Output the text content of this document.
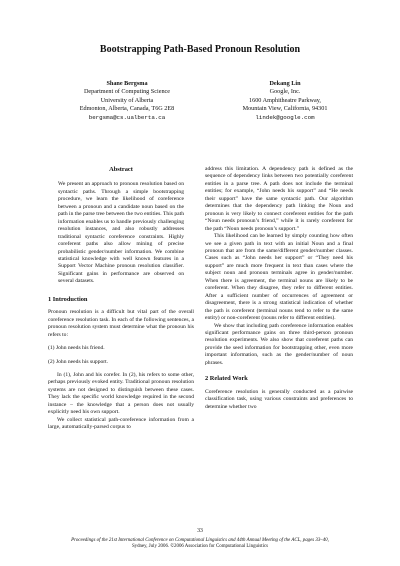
Bootstrapping Path-Based Pronoun Resolution
Shane Bergsma
Department of Computing Science
University of Alberta
Edmonton, Alberta, Canada, T6G 2E8
bergsma@cs.ualberta.ca
Dekang Lin
Google, Inc.
1600 Amphitheatre Parkway,
Mountain View, California, 94301
lindek@google.com
Abstract
We present an approach to pronoun resolution based on syntactic paths. Through a simple bootstrapping procedure, we learn the likelihood of coreference between a pronoun and a candidate noun based on the path in the parse tree between the two entities. This path information enables us to handle previously challenging resolution instances, and also robustly addresses traditional syntactic coreference constraints. Highly coreferent paths also allow mining of precise probabilistic gender/number information. We combine statistical knowledge with well known features in a Support Vector Machine pronoun resolution classifier. Significant gains in performance are observed on several datasets.
1 Introduction

Pronoun resolution is a difficult but vital part of the overall coreference resolution task. In each of the following sentences, a pronoun resolution system must determine what the pronoun his refers to:

(1) John needs his friend.
(2) John needs his support.

In (1), John and his corefer. In (2), his refers to some other, perhaps previously evoked entity. Traditional pronoun resolution systems are not designed to distinguish between these cases. They lack the specific world knowledge required in the second instance – the knowledge that a person does not usually explicitly need his own support.

We collect statistical path-coreference information from a large, automatically-parsed corpus to

address this limitation. A dependency path is defined as the sequence of dependency links between two potentially coreferent entities in a parse tree. A path does not include the terminal entities; for example, “John needs his support” and “He needs their support” have the same syntactic path. Our algorithm determines that the dependency path linking the Noun and pronoun is very likely to connect coreferent entities for the path “Noun needs pronoun’s friend,” while it is rarely coreferent for the path “Noun needs pronoun’s support.”

This likelihood can be learned by simply counting how often we see a given path in text with an initial Noun and a final pronoun that are from the same/different gender/number classes. Cases such as “John needs her support” or “They need his support” are much more frequent in text than cases where the subject noun and pronoun terminals agree in gender/number. When there is agreement, the terminal nouns are likely to be coreferent. When they disagree, they refer to different entities. After a sufficient number of occurrences of agreement or disagreement, there is a strong statistical indication of whether the path is coreferent (terminal nouns tend to refer to the same entity) or non-coreferent (nouns refer to different entities).

We show that including path coreference information enables significant performance gains on three third-person pronoun resolution experiments. We also show that coreferent paths can provide the seed information for bootstrapping other, even more important information, such as the gender/number of noun phrases.

2 Related Work

Coreference resolution is generally conducted as a pairwise classification task, using various constraints and preferences to determine whether two

33
Proceedings of the 21st International Conference on Computational Linguistics and 44th Annual Meeting of the ACL, pages 33–40,
Sydney, July 2006. ©2006 Association for Computational Linguistics
